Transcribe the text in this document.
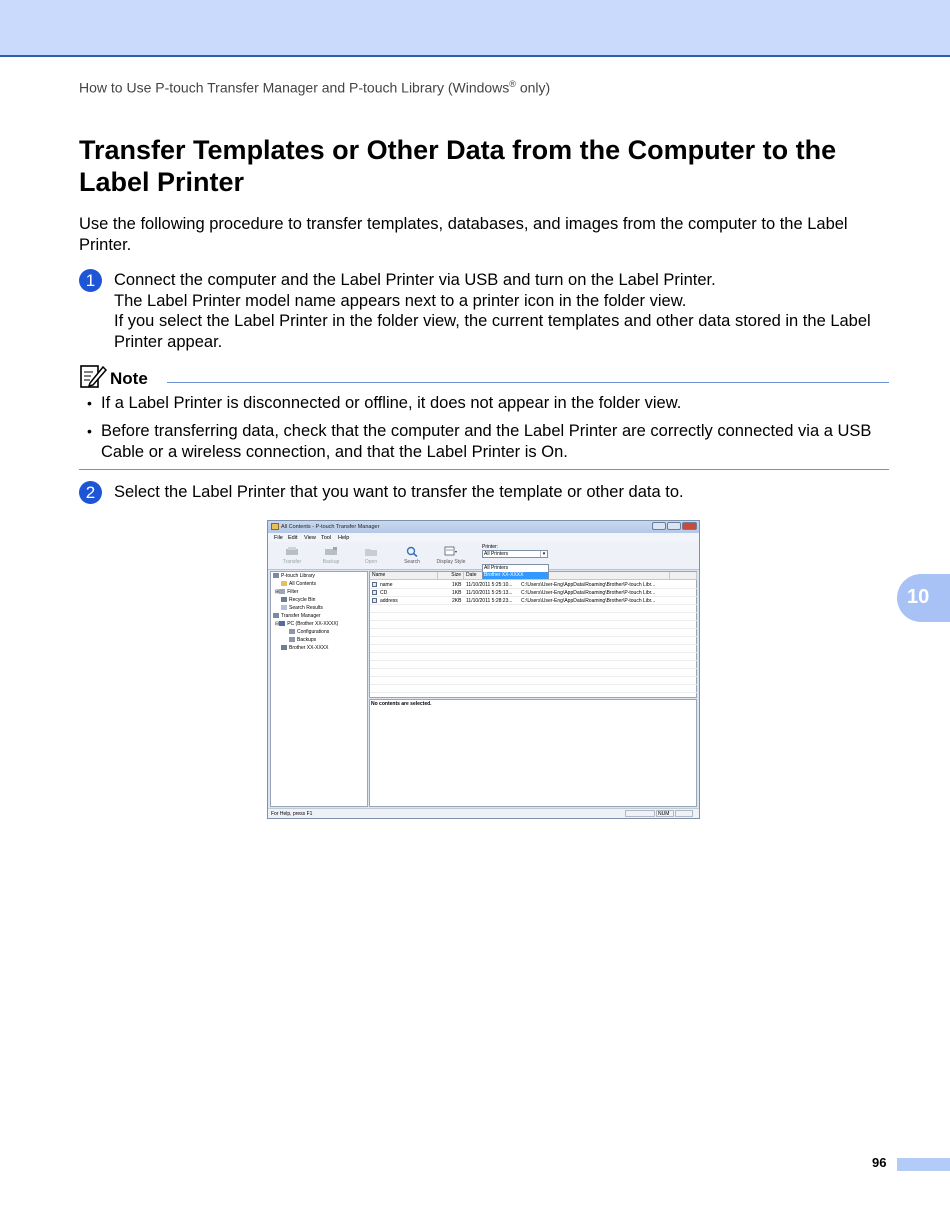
How to Use P-touch Transfer Manager and P-touch Library (Windows® only)
Transfer Templates or Other Data from the Computer to the Label Printer

Use the following procedure to transfer templates, databases, and images from the computer to the Label Printer.

1	Connect the computer and the Label Printer via USB and turn on the Label Printer.
The Label Printer model name appears next to a printer icon in the folder view.
If you select the Label Printer in the folder view, the current templates and other data stored in the Label Printer appear.
Note
• If a Label Printer is disconnected or offline, it does not appear in the folder view.
• Before transferring data, check that the computer and the Label Printer are correctly connected via a USB Cable or a wireless connection, and that the Label Printer is On.
2	Select the Label Printer that you want to transfer the template or other data to.
All Contents - P-touch Transfer Manager
File Edit View Tool Help
Transfer	Backup	Open	Search	Display Style
Printer:
All Printers	▾
All Printers
Brother XX-XXXX
P-touch Library
All Contents
⊞ Filter
Recycle Bin
Search Results
Transfer Manager
⊟ PC (Brother XX-XXXX)
Configurations
Backups
Brother XX-XXXX
Name	Size	Date
name	1KB 11/10/2011 5:25:10... C:\Users\User-Eng\AppData\Roaming\Brother\P-touch Libr...
CD	1KB 11/10/2011 5:25:13... C:\Users\User-Eng\AppData\Roaming\Brother\P-touch Libr...
address	2KB 11/10/2011 5:28:23... C:\Users\User-Eng\AppData\Roaming\Brother\P-touch Libr...
No contents are selected.
For Help, press F1	NUM
10
96
